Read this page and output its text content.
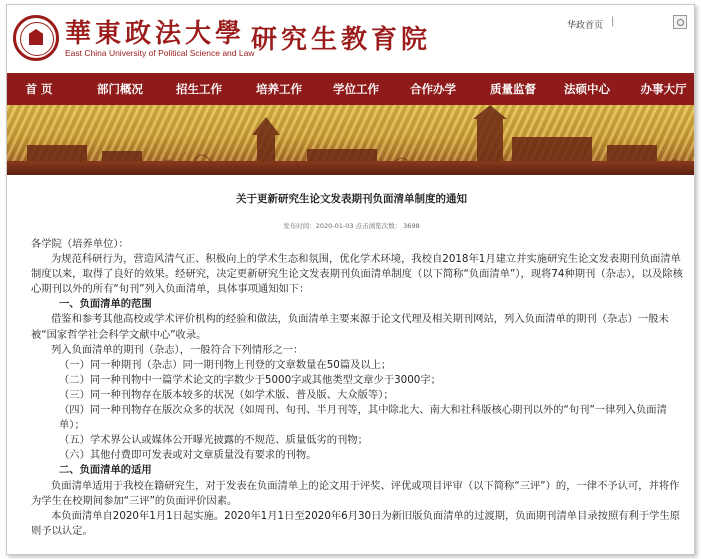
華東政法大學
East China University of Political Science and Law
研究生教育院	华政首页 |
首 页	部门概况	招生工作	培养工作	学位工作	合作办学	质量监督	法硕中心	办事大厅
关于更新研究生论文发表期刊负面清单制度的通知
发布时间：2020-01-03 点击浏览次数： 3698

各学院（培养单位）：

为规范科研行为，营造风清气正、积极向上的学术生态和氛围，优化学术环境，我校自2018年1月建立并实施研究生论文发表期刊负面清单制度以来，取得了良好的效果。经研究，决定更新研究生论文发表期刊负面清单制度（以下简称“负面清单”），现将74种期刊（杂志），以及除核心期刊以外的所有“旬刊”列入负面清单，具体事项通知如下：

一、负面清单的范围

借鉴和参考其他高校或学术评价机构的经验和做法，负面清单主要来源于论文代理及相关期刊网站，列入负面清单的期刊（杂志）一般未被“国家哲学社会科学文献中心”收录。

列入负面清单的期刊（杂志），一般符合下列情形之一：

（一）同一种期刊（杂志）同一期刊物上刊登的文章数量在50篇及以上；

（二）同一种刊物中一篇学术论文的字数少于5000字或其他类型文章少于3000字；

（三）同一种刊物存在版本较多的状况（如学术版、普及版、大众版等）；

（四）同一种刊物存在版次众多的状况（如周刊、旬刊、半月刊等，其中除北大、南大和社科版核心期刊以外的“旬刊”一律列入负面清单）；

（五）学术界公认或媒体公开曝光披露的不规范、质量低劣的刊物；

（六）其他付费即可发表或对文章质量没有要求的刊物。

二、负面清单的适用

负面清单适用于我校在籍研究生，对于发表在负面清单上的论文用于评奖、评优或项目评审（以下简称“三评”）的，一律不予认可，并将作为学生在校期间参加“三评”的负面评价因素。

本负面清单自2020年1月1日起实施。2020年1月1日至2020年6月30日为新旧版负面清单的过渡期，负面期刊清单目录按照有利于学生原则予以认定。
